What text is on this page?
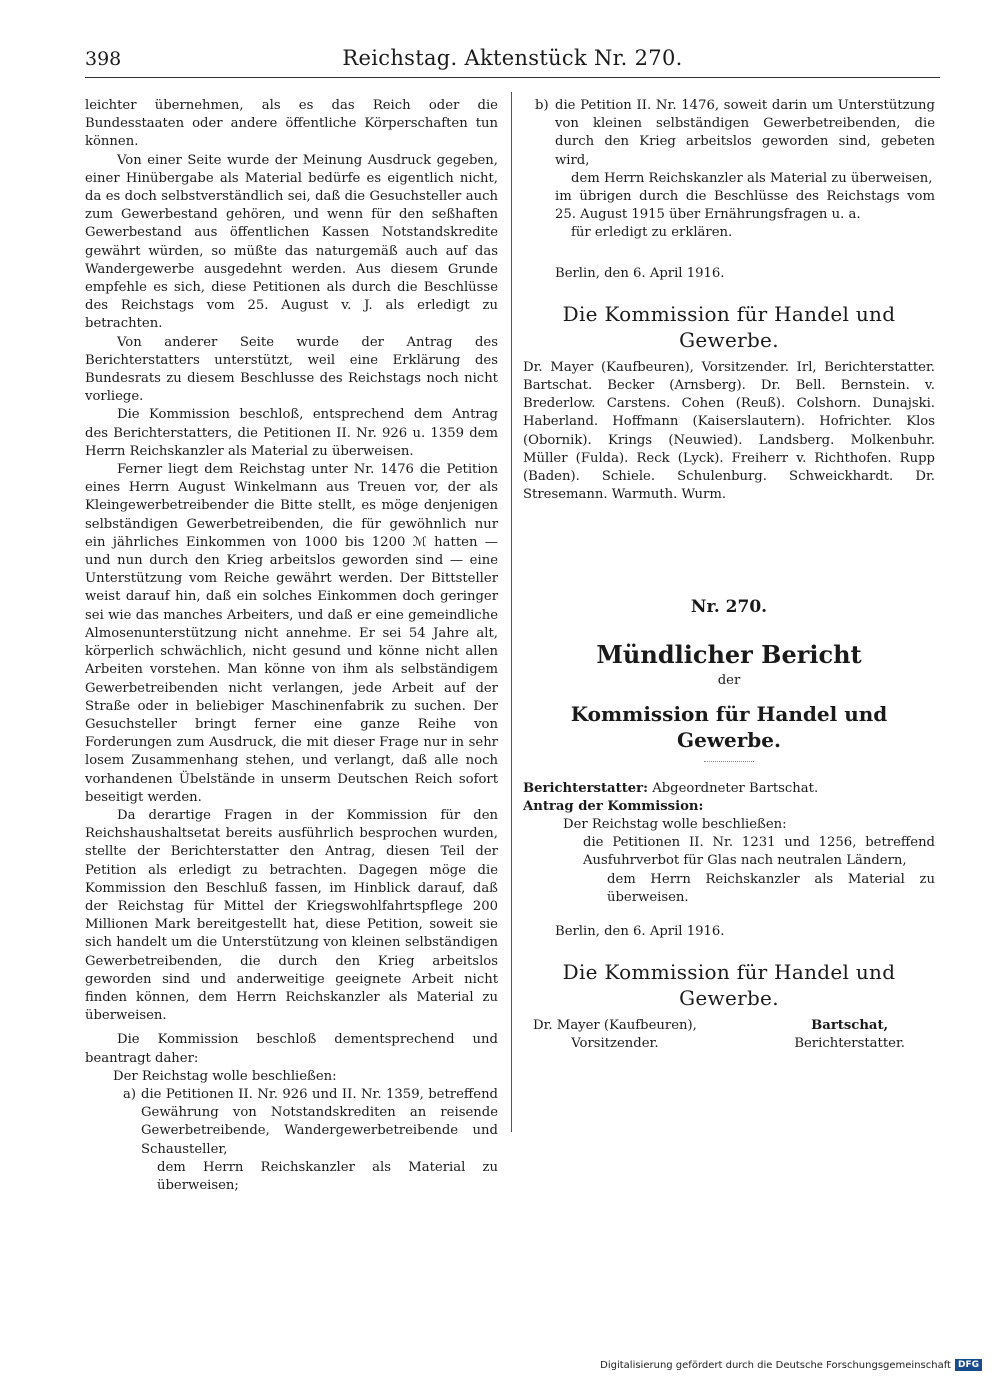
398	Reichstag. Aktenstück Nr. 270.

leichter übernehmen, als es das Reich oder die Bundesstaaten oder andere öffentliche Körperschaften tun können.

Von einer Seite wurde der Meinung Ausdruck gegeben, einer Hinübergabe als Material bedürfe es eigentlich nicht, da es doch selbstverständlich sei, daß die Gesuchsteller auch zum Gewerbestand gehören, und wenn für den seßhaften Gewerbestand aus öffentlichen Kassen Notstandskredite gewährt würden, so müßte das naturgemäß auch auf das Wandergewerbe ausgedehnt werden. Aus diesem Grunde empfehle es sich, diese Petitionen als durch die Beschlüsse des Reichstags vom 25. August v. J. als erledigt zu betrachten.

Von anderer Seite wurde der Antrag des Berichterstatters unterstützt, weil eine Erklärung des Bundesrats zu diesem Beschlusse des Reichstags noch nicht vorliege.

Die Kommission beschloß, entsprechend dem Antrag des Berichterstatters, die Petitionen II. Nr. 926 u. 1359 dem Herrn Reichskanzler als Material zu überweisen.

Ferner liegt dem Reichstag unter Nr. 1476 die Petition eines Herrn August Winkelmann aus Treuen vor, der als Kleingewerbetreibender die Bitte stellt, es möge denjenigen selbständigen Gewerbetreibenden, die für gewöhnlich nur ein jährliches Einkommen von 1000 bis 1200 ℳ hatten — und nun durch den Krieg arbeitslos geworden sind — eine Unterstützung vom Reiche gewährt werden. Der Bittsteller weist darauf hin, daß ein solches Einkommen doch geringer sei wie das manches Arbeiters, und daß er eine gemeindliche Almosenunterstützung nicht annehme. Er sei 54 Jahre alt, körperlich schwächlich, nicht gesund und könne nicht allen Arbeiten vorstehen. Man könne von ihm als selbständigem Gewerbetreibenden nicht verlangen, jede Arbeit auf der Straße oder in beliebiger Maschinenfabrik zu suchen. Der Gesuchsteller bringt ferner eine ganze Reihe von Forderungen zum Ausdruck, die mit dieser Frage nur in sehr losem Zusammenhang stehen, und verlangt, daß alle noch vorhandenen Übelstände in unserm Deutschen Reich sofort beseitigt werden.

Da derartige Fragen in der Kommission für den Reichshaushaltsetat bereits ausführlich besprochen wurden, stellte der Berichterstatter den Antrag, diesen Teil der Petition als erledigt zu betrachten. Dagegen möge die Kommission den Beschluß fassen, im Hinblick darauf, daß der Reichstag für Mittel der Kriegswohlfahrtspflege 200 Millionen Mark bereitgestellt hat, diese Petition, soweit sie sich handelt um die Unterstützung von kleinen selbständigen Gewerbetreibenden, die durch den Krieg arbeitslos geworden sind und anderweitige geeignete Arbeit nicht finden können, dem Herrn Reichskanzler als Material zu überweisen.

Die Kommission beschloß dementsprechend und beantragt daher:

Der Reichstag wolle beschließen:

a) die Petitionen II. Nr. 926 und II. Nr. 1359, betreffend Gewährung von Notstandskrediten an reisende Gewerbetreibende, Wandergewerbetreibende und Schausteller,

dem Herrn Reichskanzler als Material zu überweisen;

b) die Petition II. Nr. 1476, soweit darin um Unterstützung von kleinen selbständigen Gewerbetreibenden, die durch den Krieg arbeitslos geworden sind, gebeten wird,

dem Herrn Reichskanzler als Material zu überweisen,

im übrigen durch die Beschlüsse des Reichstags vom 25. August 1915 über Ernährungsfragen u. a.

für erledigt zu erklären.

Berlin, den 6. April 1916.

Die Kommission für Handel und Gewerbe.

Dr. Mayer (Kaufbeuren), Vorsitzender. Irl, Berichterstatter. Bartschat. Becker (Arnsberg). Dr. Bell. Bernstein. v. Brederlow. Carstens. Cohen (Reuß). Colshorn. Dunajski. Haberland. Hoffmann (Kaiserslautern). Hofrichter. Klos (Obornik). Krings (Neuwied). Landsberg. Molkenbuhr. Müller (Fulda). Reck (Lyck). Freiherr v. Richthofen. Rupp (Baden). Schiele. Schulenburg. Schweickhardt. Dr. Stresemann. Warmuth. Wurm.

Nr. 270.

Mündlicher Bericht

der

Kommission für Handel und Gewerbe.

Berichterstatter: Abgeordneter Bartschat.

Antrag der Kommission:

Der Reichstag wolle beschließen:

die Petitionen II. Nr. 1231 und 1256, betreffend Ausfuhrverbot für Glas nach neutralen Ländern,

dem Herrn Reichskanzler als Material zu überweisen.

Berlin, den 6. April 1916.

Die Kommission für Handel und Gewerbe.

Dr. Mayer (Kaufbeuren),

Vorsitzender.

Bartschat,

Berichterstatter.

Digitalisierung gefördert durch die Deutsche Forschungsgemeinschaft DFG
